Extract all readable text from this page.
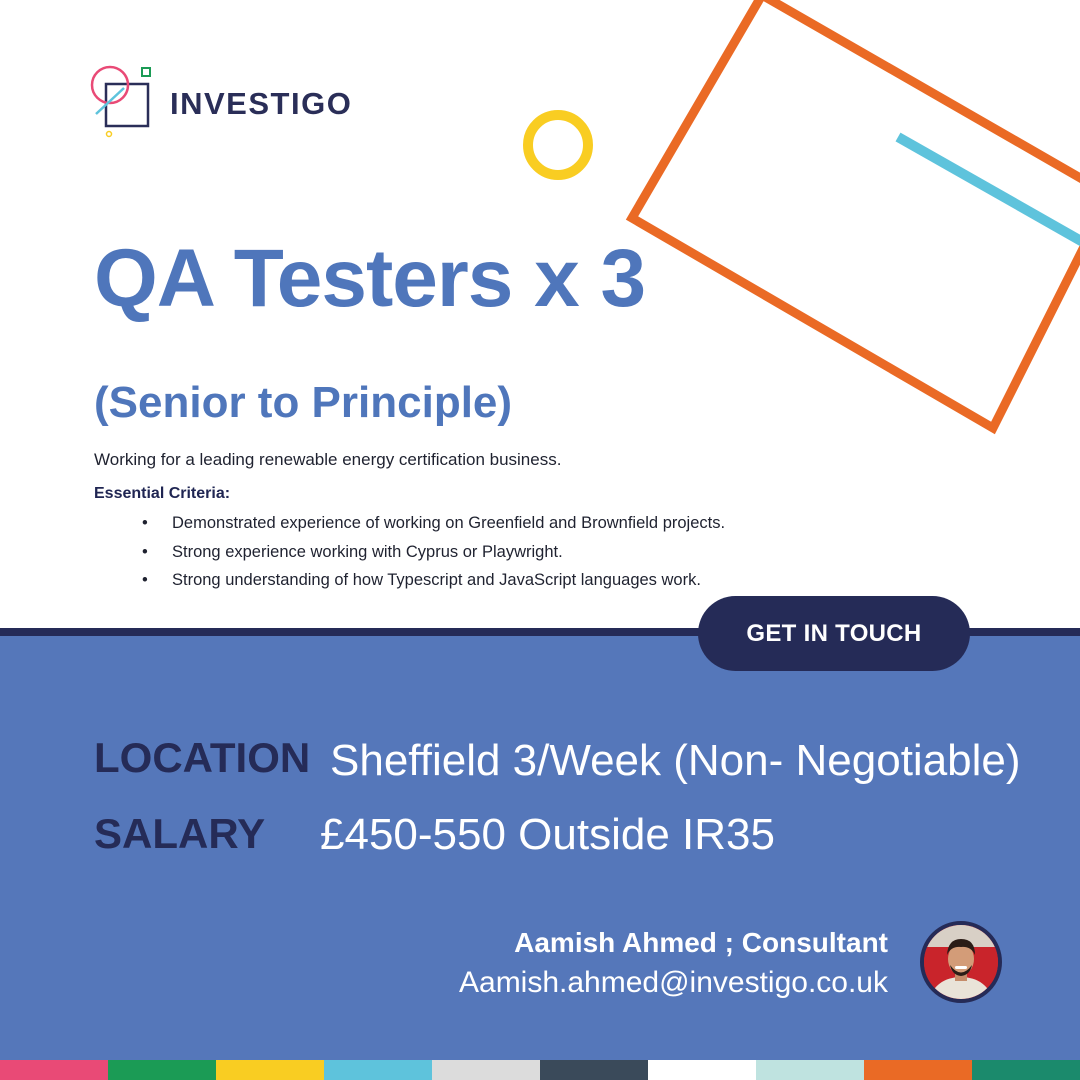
INVESTIGO
QA Testers x 3
(Senior to Principle)
Working for a leading renewable energy certification business.
Essential Criteria:
• Demonstrated experience of working on Greenfield and Brownfield projects.
• Strong experience working with Cyprus or Playwright.
• Strong understanding of how Typescript and JavaScript languages work.
GET IN TOUCH
LOCATION Sheffield 3/Week (Non- Negotiable)
SALARY £450-550 Outside IR35
Aamish Ahmed ; Consultant
Aamish.ahmed@investigo.co.uk
